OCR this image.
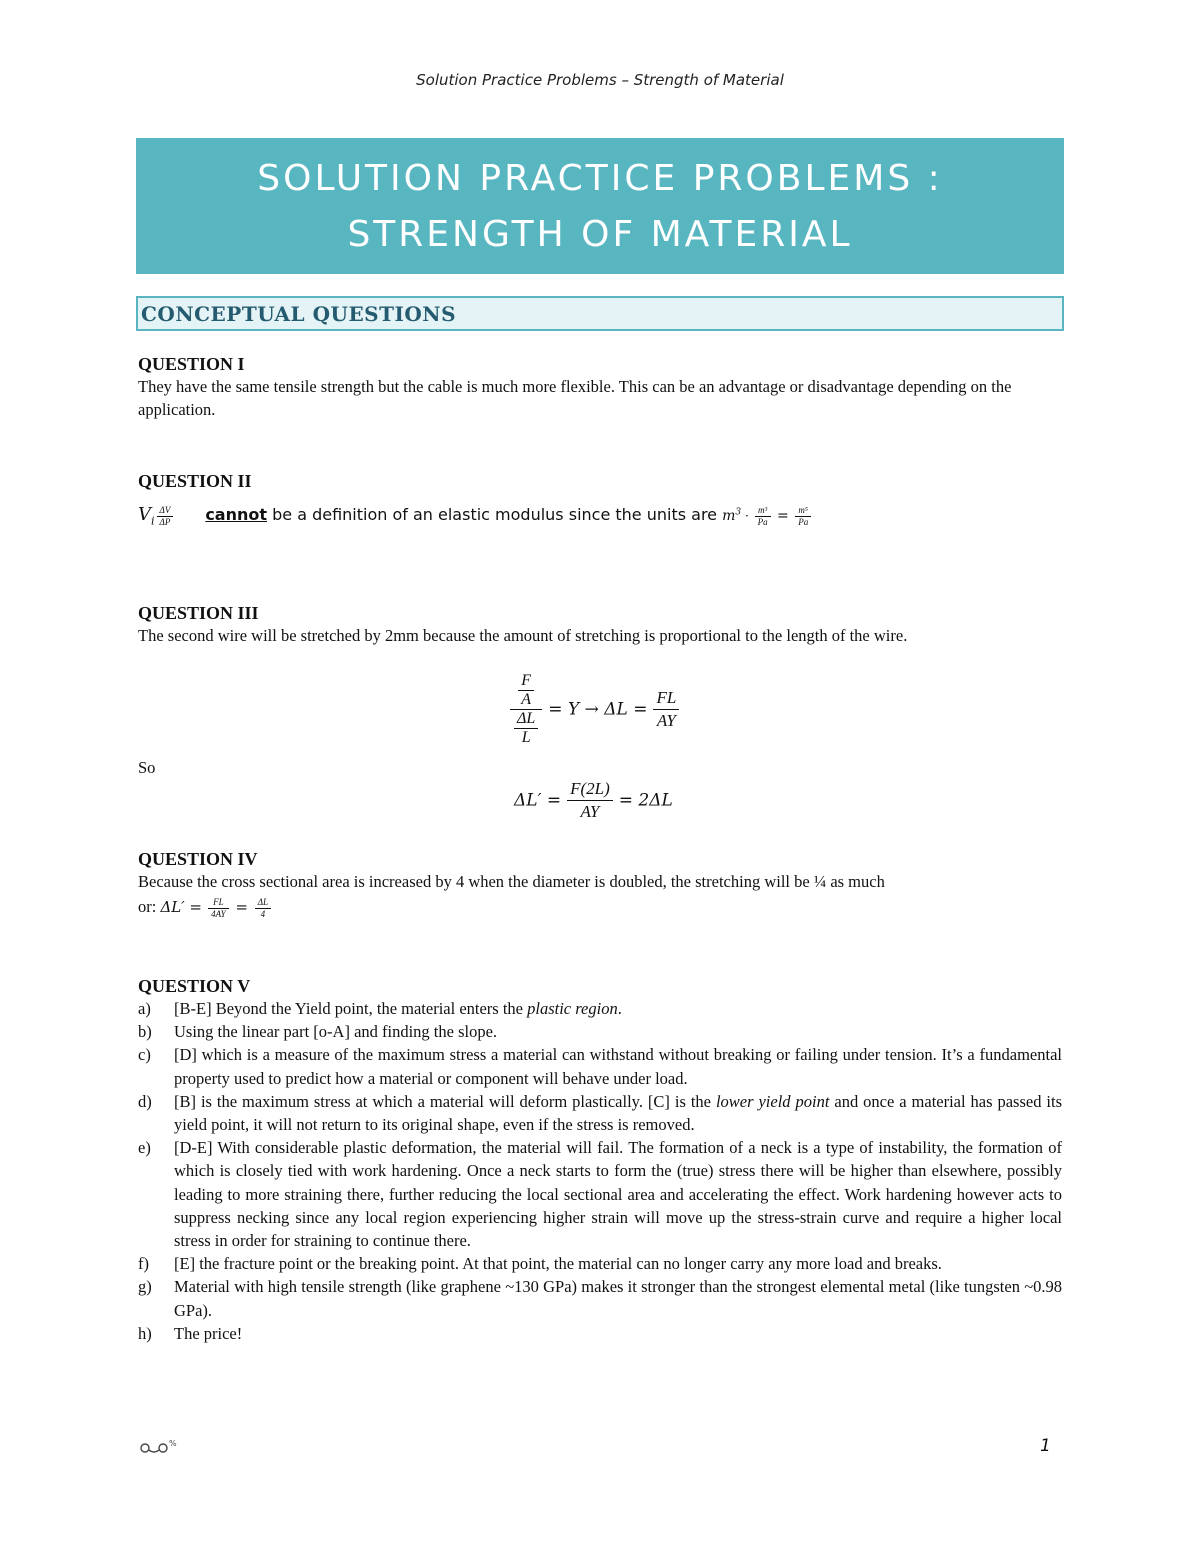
Solution Practice Problems – Strength of Material
SOLUTION PRACTICE PROBLEMS :
STRENGTH OF MATERIAL
CONCEPTUAL QUESTIONS
QUESTION I
They have the same tensile strength but the cable is much more flexible. This can be an advantage or disadvantage depending on the application.
QUESTION II
$V_i \frac{\Delta V}{\Delta P}$ cannot be a definition of an elastic modulus since the units are $m^3 \cdot \frac{\text{m³}}{Pa} = \frac{\text{m⁵}}{Pa}$
QUESTION III
The second wire will be stretched by 2mm because the amount of stretching is proportional to the length of the wire.
$\frac{\frac{F}{A}}{\frac{\Delta L}{L}} = Y \to \Delta L = \frac{FL}{AY}$
So
$\Delta L' = \frac{F(2L)}{AY} = 2\Delta L$
QUESTION IV
Because the cross sectional area is increased by 4 when the diameter is doubled, the stretching will be ¼ as much
or: $\Delta L' = \frac{FL}{4AY} = \frac{\Delta L}{4}$
QUESTION V
a) [B-E] Beyond the Yield point, the material enters the plastic region.
b) Using the linear part [o-A] and finding the slope.
c) [D] which is a measure of the maximum stress a material can withstand without breaking or failing under tension. It’s a fundamental property used to predict how a material or component will behave under load.
d) [B] is the maximum stress at which a material will deform plastically. [C] is the lower yield point and once a material has passed its yield point, it will not return to its original shape, even if the stress is removed.
e) [D-E] With considerable plastic deformation, the material will fail. The formation of a neck is a type of instability, the formation of which is closely tied with work hardening. Once a neck starts to form the (true) stress there will be higher than elsewhere, possibly leading to more straining there, further reducing the local sectional area and accelerating the effect. Work hardening however acts to suppress necking since any local region experiencing higher strain will move up the stress-strain curve and require a higher local stress in order for straining to continue there.
f) [E] the fracture point or the breaking point. At that point, the material can no longer carry any more load and breaks.
g) Material with high tensile strength (like graphene ~130 GPa) makes it stronger than the strongest elemental metal (like tungsten ~0.98 GPa).
h) The price!
%	1
